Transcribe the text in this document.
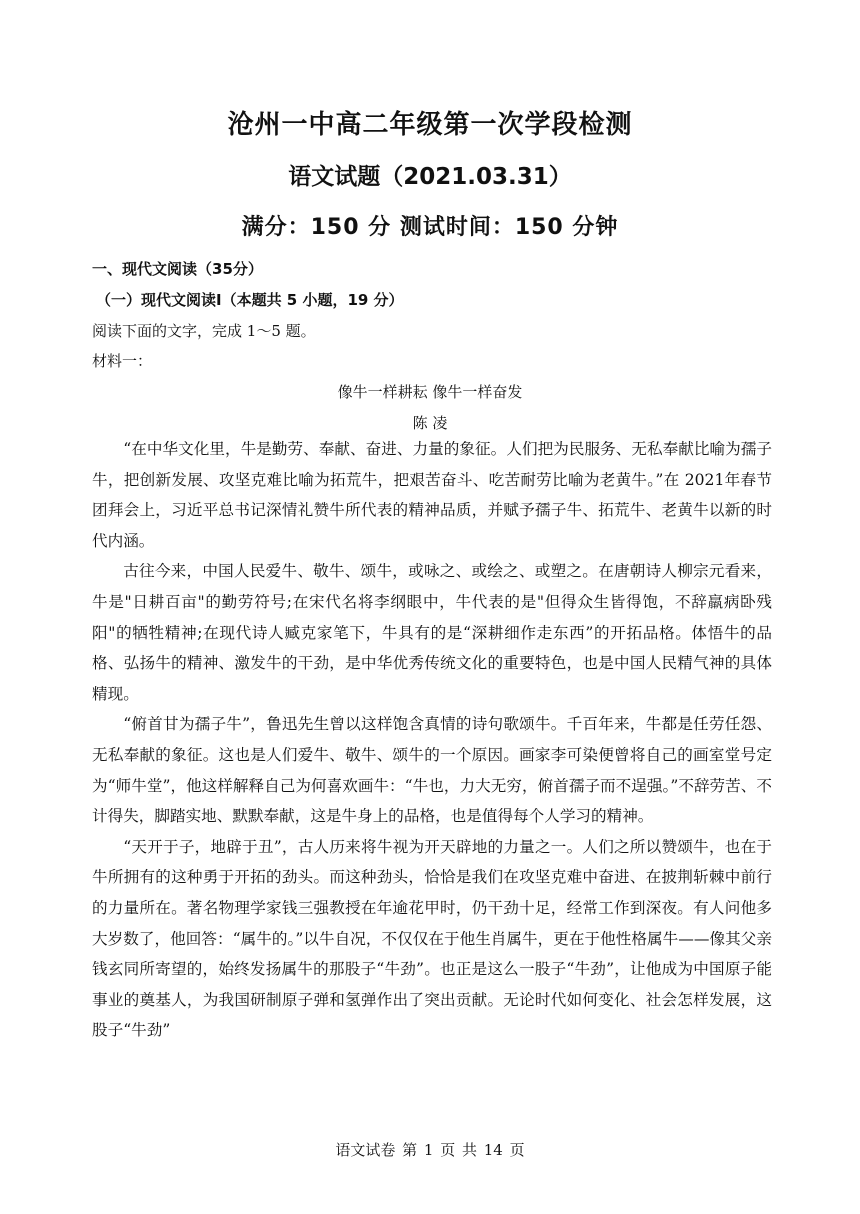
沧州一中高二年级第一次学段检测
语文试题（2021.03.31）
满分：150 分 测试时间：150 分钟
一、现代文阅读（35分）
（一）现代文阅读Ⅰ（本题共 5 小题，19 分）
阅读下面的文字，完成 1～5 题。
材料一：
像牛一样耕耘 像牛一样奋发
陈 凌

“在中华文化里，牛是勤劳、奉献、奋进、力量的象征。人们把为民服务、无私奉献比喻为孺子牛，把创新发展、攻坚克难比喻为拓荒牛，把艰苦奋斗、吃苦耐劳比喻为老黄牛。”在 2021年春节团拜会上，习近平总书记深情礼赞牛所代表的精神品质，并赋予孺子牛、拓荒牛、老黄牛以新的时代内涵。

古往今来，中国人民爱牛、敬牛、颂牛，或咏之、或绘之、或塑之。在唐朝诗人柳宗元看来，牛是"日耕百亩"的勤劳符号;在宋代名将李纲眼中，牛代表的是"但得众生皆得饱，不辞羸病卧残阳"的牺牲精神;在现代诗人臧克家笔下，牛具有的是“深耕细作走东西”的开拓品格。体悟牛的品格、弘扬牛的精神、激发牛的干劲，是中华优秀传统文化的重要特色，也是中国人民精气神的具体精现。

“俯首甘为孺子牛”，鲁迅先生曾以这样饱含真情的诗句歌颂牛。千百年来，牛都是任劳任怨、无私奉献的象征。这也是人们爱牛、敬牛、颂牛的一个原因。画家李可染便曾将自己的画室堂号定为“师牛堂”，他这样解释自己为何喜欢画牛：“牛也，力大无穷，俯首孺子而不逞强。”不辞劳苦、不计得失，脚踏实地、默默奉献，这是牛身上的品格，也是值得每个人学习的精神。

“天开于子，地辟于丑”，古人历来将牛视为开天辟地的力量之一。人们之所以赞颂牛，也在于牛所拥有的这种勇于开拓的劲头。而这种劲头，恰恰是我们在攻坚克难中奋进、在披荆斩棘中前行的力量所在。著名物理学家钱三强教授在年逾花甲时，仍干劲十足，经常工作到深夜。有人问他多大岁数了，他回答：“属牛的。”以牛自况，不仅仅在于他生肖属牛，更在于他性格属牛——像其父亲钱玄同所寄望的，始终发扬属牛的那股子“牛劲”。也正是这么一股子“牛劲”，让他成为中国原子能事业的奠基人，为我国研制原子弹和氢弹作出了突出贡献。无论时代如何变化、社会怎样发展，这股子“牛劲”

语文试卷 第 1 页 共 14 页
